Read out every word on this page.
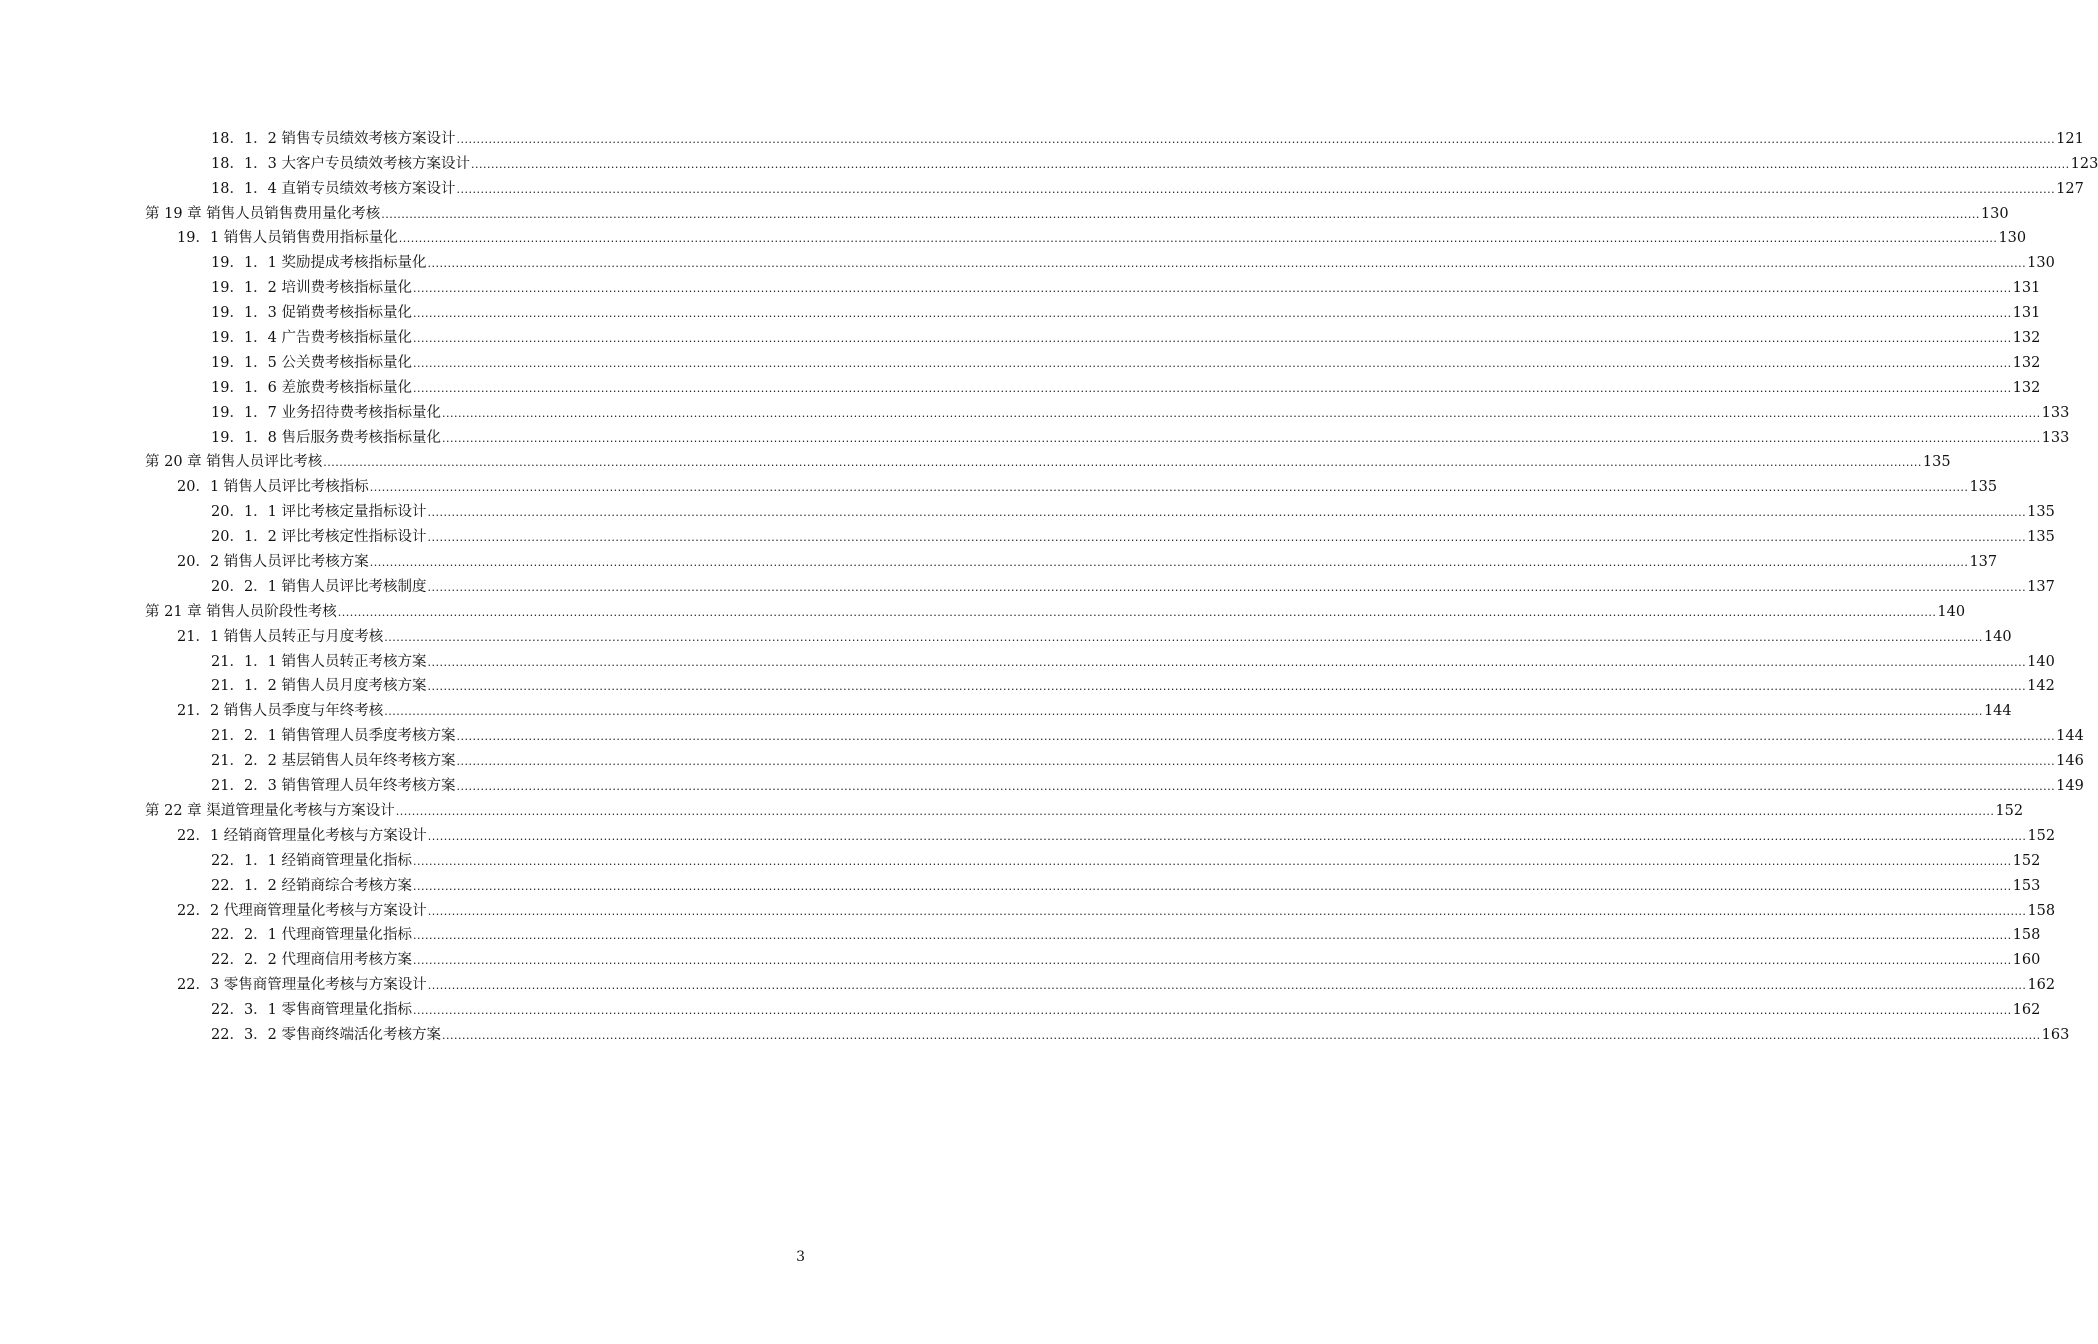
18．1．2 销售专员绩效考核方案设计 ................................................................................................................................................................................................................................................................................................................................................................................................................ 121
18．1．3 大客户专员绩效考核方案设计 ................................................................................................................................................................................................................................................................................................................................................................................................................ 123
18．1．4 直销专员绩效考核方案设计 ................................................................................................................................................................................................................................................................................................................................................................................................................ 127
第 19 章 销售人员销售费用量化考核 ................................................................................................................................................................................................................................................................................................................................................................................................................ 130
19．1 销售人员销售费用指标量化 ................................................................................................................................................................................................................................................................................................................................................................................................................ 130
19．1．1 奖励提成考核指标量化 ................................................................................................................................................................................................................................................................................................................................................................................................................ 130
19．1．2 培训费考核指标量化 ................................................................................................................................................................................................................................................................................................................................................................................................................ 131
19．1．3 促销费考核指标量化 ................................................................................................................................................................................................................................................................................................................................................................................................................ 131
19．1．4 广告费考核指标量化 ................................................................................................................................................................................................................................................................................................................................................................................................................ 132
19．1．5 公关费考核指标量化 ................................................................................................................................................................................................................................................................................................................................................................................................................ 132
19．1．6 差旅费考核指标量化 ................................................................................................................................................................................................................................................................................................................................................................................................................ 132
19．1．7 业务招待费考核指标量化 ................................................................................................................................................................................................................................................................................................................................................................................................................ 133
19．1．8 售后服务费考核指标量化 ................................................................................................................................................................................................................................................................................................................................................................................................................ 133
第 20 章 销售人员评比考核 ................................................................................................................................................................................................................................................................................................................................................................................................................ 135
20．1 销售人员评比考核指标 ................................................................................................................................................................................................................................................................................................................................................................................................................ 135
20．1．1 评比考核定量指标设计 ................................................................................................................................................................................................................................................................................................................................................................................................................ 135
20．1．2 评比考核定性指标设计 ................................................................................................................................................................................................................................................................................................................................................................................................................ 135
20．2 销售人员评比考核方案 ................................................................................................................................................................................................................................................................................................................................................................................................................ 137
20．2．1 销售人员评比考核制度 ................................................................................................................................................................................................................................................................................................................................................................................................................ 137
第 21 章 销售人员阶段性考核 ................................................................................................................................................................................................................................................................................................................................................................................................................ 140
21．1 销售人员转正与月度考核 ................................................................................................................................................................................................................................................................................................................................................................................................................ 140
21．1．1 销售人员转正考核方案 ................................................................................................................................................................................................................................................................................................................................................................................................................ 140
21．1．2 销售人员月度考核方案 ................................................................................................................................................................................................................................................................................................................................................................................................................ 142
21．2 销售人员季度与年终考核 ................................................................................................................................................................................................................................................................................................................................................................................................................ 144
21．2．1 销售管理人员季度考核方案 ................................................................................................................................................................................................................................................................................................................................................................................................................ 144
21．2．2 基层销售人员年终考核方案 ................................................................................................................................................................................................................................................................................................................................................................................................................ 146
21．2．3 销售管理人员年终考核方案 ................................................................................................................................................................................................................................................................................................................................................................................................................ 149
第 22 章 渠道管理量化考核与方案设计 ................................................................................................................................................................................................................................................................................................................................................................................................................ 152
22．1 经销商管理量化考核与方案设计 ................................................................................................................................................................................................................................................................................................................................................................................................................ 152
22．1．1 经销商管理量化指标 ................................................................................................................................................................................................................................................................................................................................................................................................................ 152
22．1．2 经销商综合考核方案 ................................................................................................................................................................................................................................................................................................................................................................................................................ 153
22．2 代理商管理量化考核与方案设计 ................................................................................................................................................................................................................................................................................................................................................................................................................ 158
22．2．1 代理商管理量化指标 ................................................................................................................................................................................................................................................................................................................................................................................................................ 158
22．2．2 代理商信用考核方案 ................................................................................................................................................................................................................................................................................................................................................................................................................ 160
22．3 零售商管理量化考核与方案设计 ................................................................................................................................................................................................................................................................................................................................................................................................................ 162
22．3．1 零售商管理量化指标 ................................................................................................................................................................................................................................................................................................................................................................................................................ 162
22．3．2 零售商终端活化考核方案 ................................................................................................................................................................................................................................................................................................................................................................................................................ 163
3
